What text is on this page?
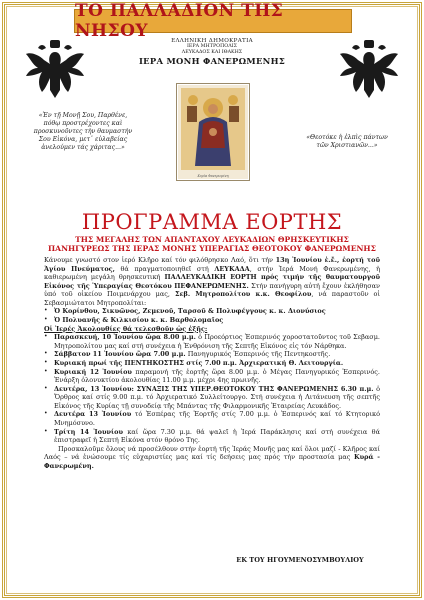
ΤΟ ΠΑΛΛΑΔΙΟΝ ΤΗΣ ΝΗΣΟΥ	ΕΛΛΗΝΙΚΗ ΔΗΜΟΚΡΑΤΙΑ
ΙΕΡΑ ΜΗΤΡΟΠΟΛΙΣ
ΛΕΥΚΑΔΟΣ ΚΑΙ ΙΘΑΚΗΣ
ΙΕΡΑ ΜΟΝΗ ΦΑΝΕΡΩΜΕΝΗΣ
Κυρία Φανερωμένη
«Ἐν τῇ Μονῇ Σου, Παρθένε, πόθῳ προστρέχοντες καὶ προσκυνοῦντες τὴν θαυμαστήν Σου Εἰκόνα, μετ᾽ εὐλαβείας ἀνελούμεν τάς χάριτας...»
«Θεοτόκε ἡ ἐλπὶς πάντων τῶν Χριστιανῶν...»
ΠΡΟΓΡΑΜΜΑ ΕΟΡΤΗΣ
ΤΗΣ ΜΕΓΑΛΗΣ ΤΩΝ ΑΠΑΝΤΑΧΟΥ ΛΕΥΚΑΔΙΩΝ ΘΡΗΣΚΕΥΤΙΚΗΣ
ΠΑΝΗΓΥΡΕΩΣ ΤΗΣ ΙΕΡΑΣ ΜΟΝΗΣ ΥΠΕΡΑΓΙΑΣ ΘΕΟΤΟΚΟΥ ΦΑΝΕΡΩΜΕΝΗΣ

Κάνουμε γνωστό στον ἱερό Κλῆρο καί τόν φιλόθρησκο Λαό, ὅτι τήν 13η Ἰουνίου ἐ.ἔ., ἑορτή τοῦ Ἁγίου Πνεύματος, θά πραγματοποιηθεῖ στή ΛΕΥΚΑΔΑ, στήν Ἱερά Μονή Φανερωμένης, ἡ καθιερωμένη μεγάλη θρησκευτική ΠΑΛΛΕΥΚΑΔΙΚΗ ΕΟΡΤΗ πρός τιμήν τῆς θαυματουργοῦ Εἰκόνος τῆς Ὑπεραγίας Θεοτόκου ΠΕΦΑΝΕΡΩΜΕΝΗΣ. Στήν πανήγυρη αὐτή ἔχουν ἐκλήθησαν ὑπό τοῦ οἰκείου Ποιμενάρχου μας, Σεβ. Μητροπολίτου κ.κ. Θεοφίλου, νά παραστοῦν οἱ Σεβασμιώτατοι Μητροπολίται:

• Ὁ Κορίνθου, Σικυῶνος, Ζεμενοῦ, Ταρσοῦ & Πολυφέγγους κ. κ. Διονύσιος
• Ὁ Πολυανῆς & Κιλκισίου κ. κ. Βαρθολομαῖος

Οἱ Ἱερές Ἀκολουθίες θά τελεσθοῦν ὡς ἑξῆς:

• Παρασκευή, 10 Ἰουνίου ὥρα 8.00 μ.μ. ὁ Προεόρτιος Ἑσπερινός χοροστατοῦντος τοῦ Σεβασμ. Μητροπολίτου μας καί στή συνέχεια ἡ Ἐνθρόνιση τῆς Σεπτῆς Εἰκόνος εἰς τόν Νάρθηκα.
• Σάββατον 11 Ἰουνίου ὥρα 7.00 μ.μ. Πανηγυρικός Ἑσπερινός τῆς Πεντηκοστῆς.
• Κυριακή πρωί τῆς ΠΕΝΤΗΚΟΣΤΗΣ στίς 7.00 π.μ. Ἀρχιερατική Θ. Λειτουργία.
• Κυριακή 12 Ἰουνίου παραμονή τῆς ἑορτῆς ὥρα 8.00 μ.μ. ὁ Μέγας Πανηγυρικός Ἑσπερινός. Ἐνάρξη ὁλονυκτίου ἀκολουθίας 11.00 μ.μ. μέχρι 4ης πρωινῆς.
• Δευτέρα, 13 Ἰουνίου: ΣΥΝΑΞΙΣ ΤΗΣ ΥΠΕΡ.ΘΕΟΤΟΚΟΥ ΤΗΣ ΦΑΝΕΡΩΜΕΝΗΣ 6.30 π.μ. ὁ Ὄρθρος καί στίς 9.00 π.μ. τό Ἀρχιερατικό Συλλείτουργο. Στή συνέχεια ἡ Λιτάνευση τῆς σεπτῆς Εἰκόνος τῆς Κυρίας τῇ συνοδείᾳ τῆς Μπάντας τῆς Φιλαρμονικῆς Ἑταιρείας Λευκάδος.
• Δευτέρα 13 Ἰουνίου τό Ἑσπέρας τῆς Ἑορτῆς στίς 7.00 μ.μ. ὁ Ἑσπερινός καί τό Κτητορικό Μνημόσυνο.
• Τρίτη 14 Ἰουνίου καί ὥρα 7.30 μ.μ. θά ψαλεῖ ἡ Ἱερά Παράκλησις καί στή συνέχεια θά ἐπιστραφεῖ ἡ Σεπτή Εἰκόνα στόν θρόνο Της.

Προσκαλοῦμε ὅλους νά προσέλθουν στήν ἑορτή τῆς Ἱεράς Μονῆς μας καί ὅλοι μαζί - Κλῆρος καί Λαός – νά ἑνώσουμε τίς εὐχαριστίες μας καί τίς δεήσεις μας πρός τήν προστασία μας Κυρά - Φανερωμένη.

ΕΚ ΤΟΥ ΗΓΟΥΜΕΝΟΣΥΜΒΟΥΛΙΟΥ
